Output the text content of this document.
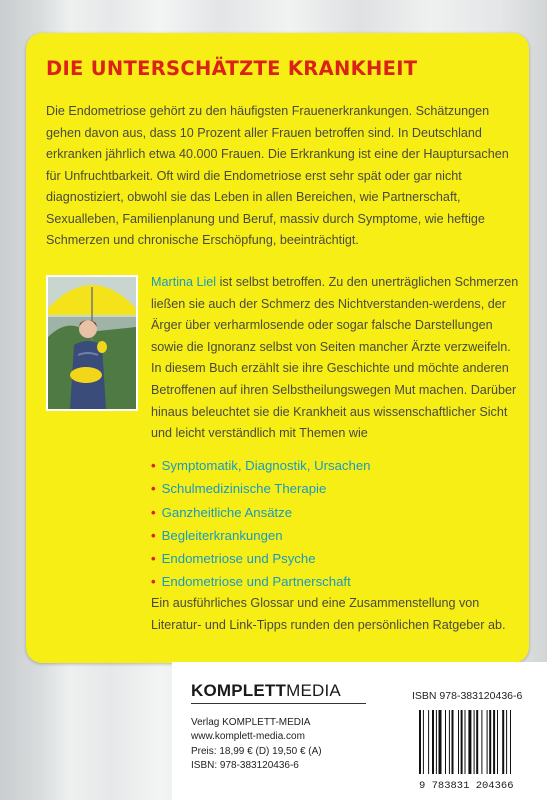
DIE UNTERSCHÄTZTE KRANKHEIT

Die Endometriose gehört zu den häufigsten Frauenerkrankungen. Schätzungen gehen davon aus, dass 10 Prozent aller Frauen betroffen sind. In Deutschland erkranken jährlich etwa 40.000 Frauen. Die Erkrankung ist eine der Hauptursachen für Unfruchtbarkeit. Oft wird die Endometriose erst sehr spät oder gar nicht diagnostiziert, obwohl sie das Leben in allen Bereichen, wie Partnerschaft, Sexualleben, Familienplanung und Beruf, massiv durch Symptome, wie heftige Schmerzen und chronische Erschöpfung, beeinträchtigt.

Martina Liel ist selbst betroffen. Zu den unerträglichen Schmerzen ließen sie auch der Schmerz des Nichtverstanden-werdens, der Ärger über verharmlosende oder sogar falsche Darstellungen sowie die Ignoranz selbst von Seiten mancher Ärzte verzweifeln. In diesem Buch erzählt sie ihre Geschichte und möchte anderen Betroffenen auf ihren Selbstheilungswegen Mut machen. Darüber hinaus beleuchtet sie die Krankheit aus wissenschaftlicher Sicht und leicht verständlich mit Themen wie

• Symptomatik, Diagnostik, Ursachen
• Schulmedizinische Therapie
• Ganzheitliche Ansätze
• Begleiterkrankungen
• Endometriose und Psyche
• Endometriose und Partnerschaft

Ein ausführliches Glossar und eine Zusammenstellung von Literatur- und Link-Tipps runden den persönlichen Ratgeber ab.

KOMPLETTMEDIA	ISBN 978-383120436-6
Verlag KOMPLETT-MEDIA
www.komplett-media.com
Preis: 18,99 € (D) 19,50 € (A)
ISBN: 978-383120436-6
9 783831 204366
